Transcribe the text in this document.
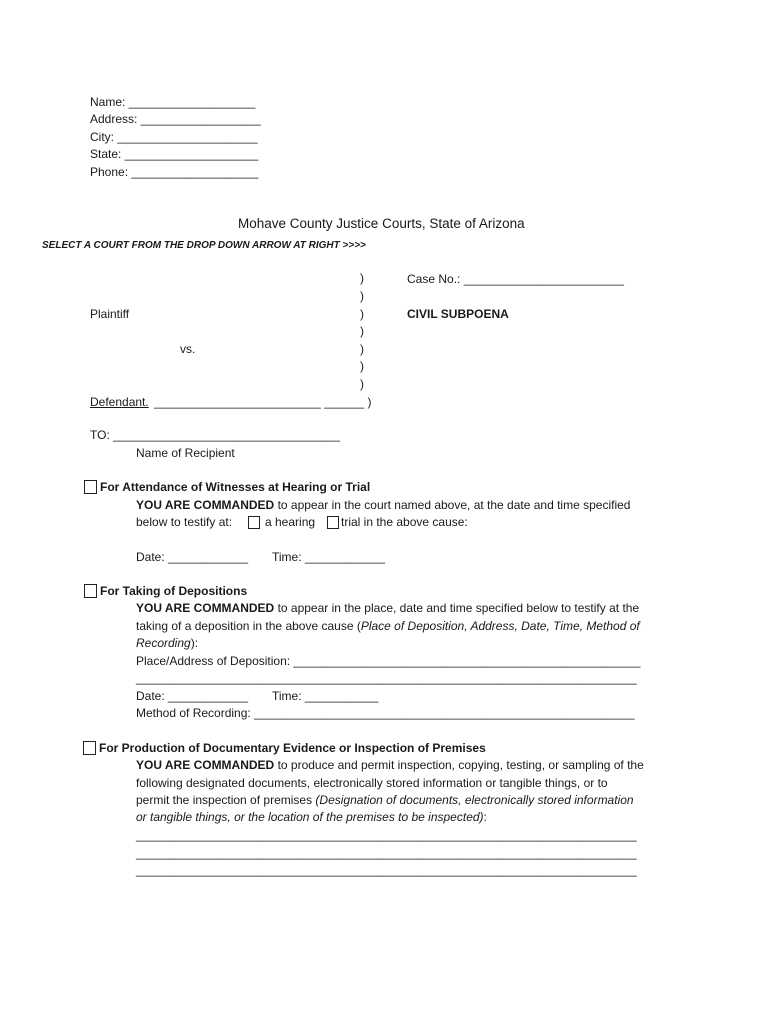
Name: ___________________
Address: __________________
City: _____________________
State: ____________________
Phone: ___________________
Mohave County Justice Courts, State of Arizona
SELECT A COURT FROM THE DROP DOWN ARROW AT RIGHT >>>>
)
)
)
)
)
)
)
Plaintiff
vs.
Defendant. _________________________ ______ )
Case No.: ________________________
CIVIL SUBPOENA
TO: __________________________________
Name of Recipient
For Attendance of Witnesses at Hearing or Trial
YOU ARE COMMANDED to appear in the court named above, at the date and time specified
below to testify at:	a hearing trial in the above cause:
Date: ____________ Time: ____________
For Taking of Depositions
YOU ARE COMMANDED to appear in the place, date and time specified below to testify at the
taking of a deposition in the above cause (Place of Deposition, Address, Date, Time, Method of
Recording):
Place/Address of Deposition: ____________________________________________________
___________________________________________________________________________
Date: ____________ Time: ___________
Method of Recording: _________________________________________________________
For Production of Documentary Evidence or Inspection of Premises
YOU ARE COMMANDED to produce and permit inspection, copying, testing, or sampling of the
following designated documents, electronically stored information or tangible things, or to
permit the inspection of premises (Designation of documents, electronically stored information
or tangible things, or the location of the premises to be inspected):
___________________________________________________________________________
___________________________________________________________________________
___________________________________________________________________________
